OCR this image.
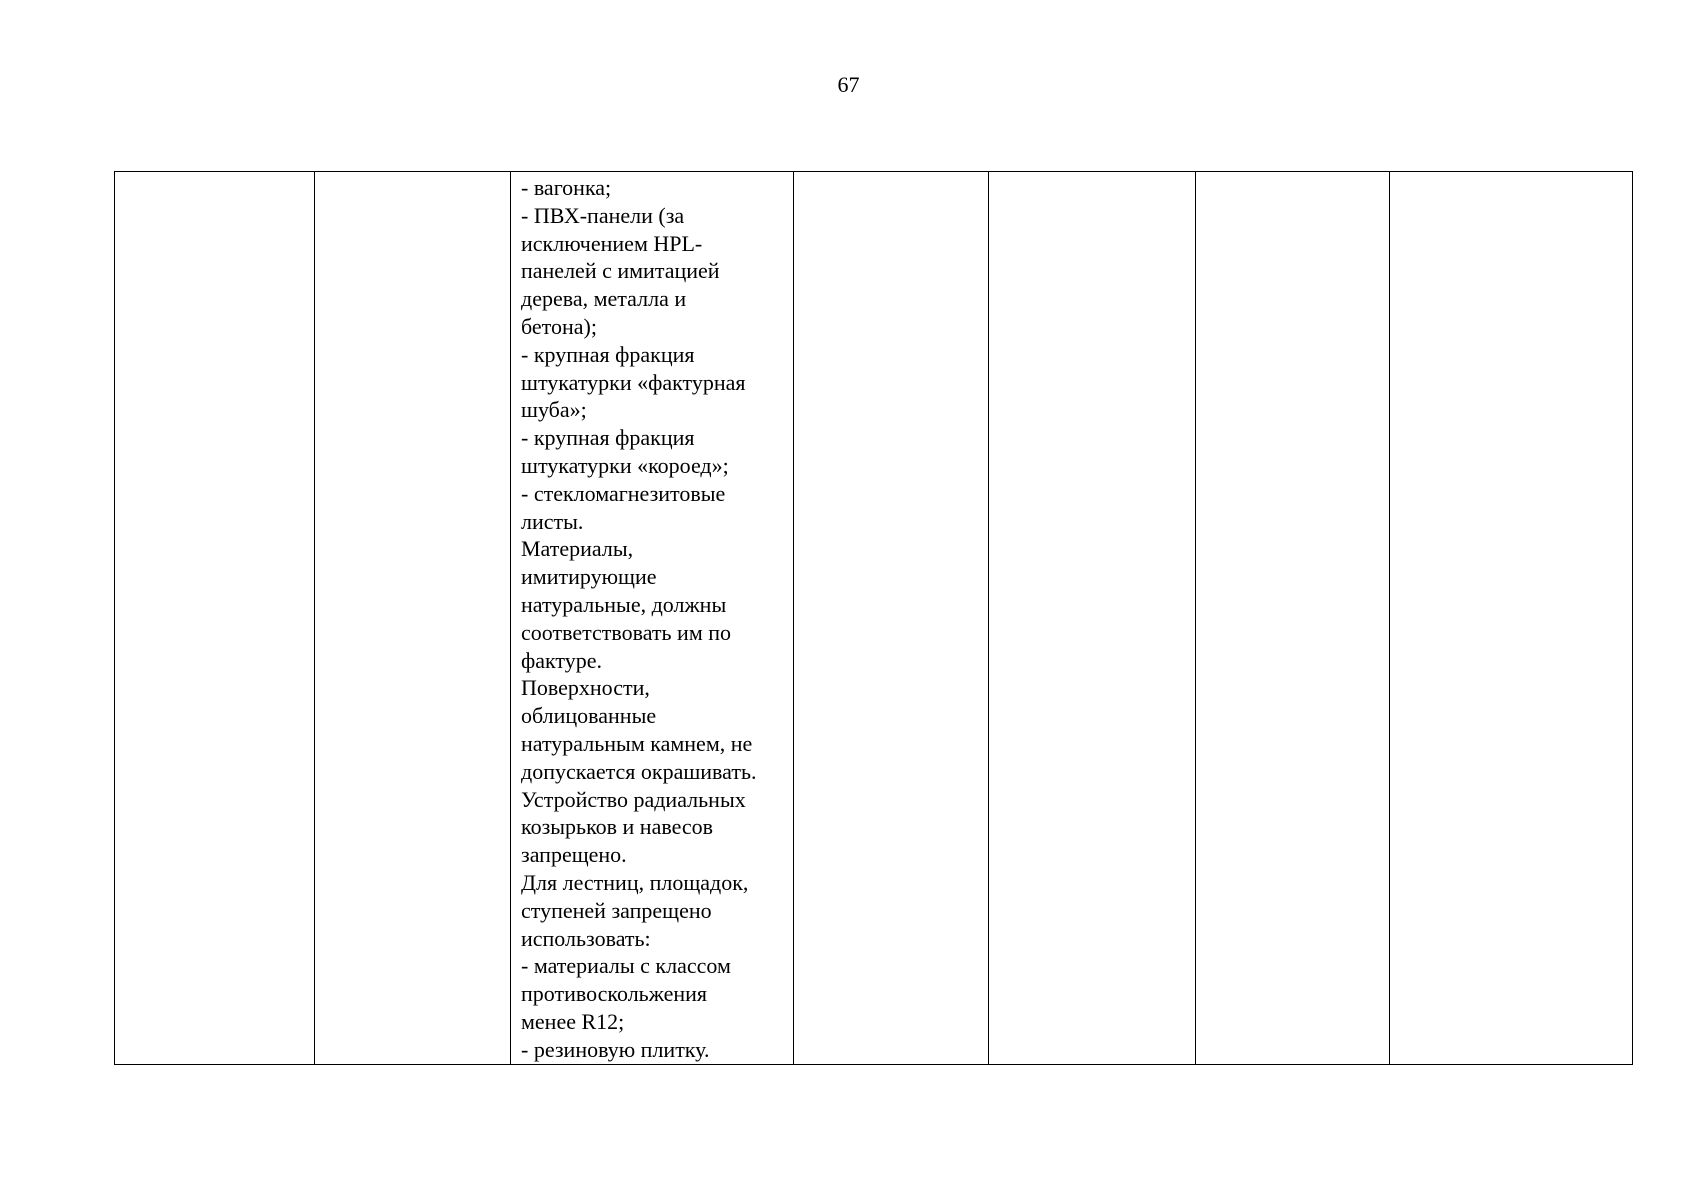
67

- вагонка;
- ПВХ-панели (за
исключением HPL-
панелей с имитацией
дерева, металла и
бетона);
- крупная фракция
штукатурки «фактурная
шуба»;
- крупная фракция
штукатурки «короед»;
- стекломагнезитовые
листы.
Материалы,
имитирующие
натуральные, должны
соответствовать им по
фактуре.
Поверхности,
облицованные
натуральным камнем, не
допускается окрашивать.
Устройство радиальных
козырьков и навесов
запрещено.
Для лестниц, площадок,
ступеней запрещено
использовать:
- материалы с классом
противоскольжения
менее R12;
- резиновую плитку.
